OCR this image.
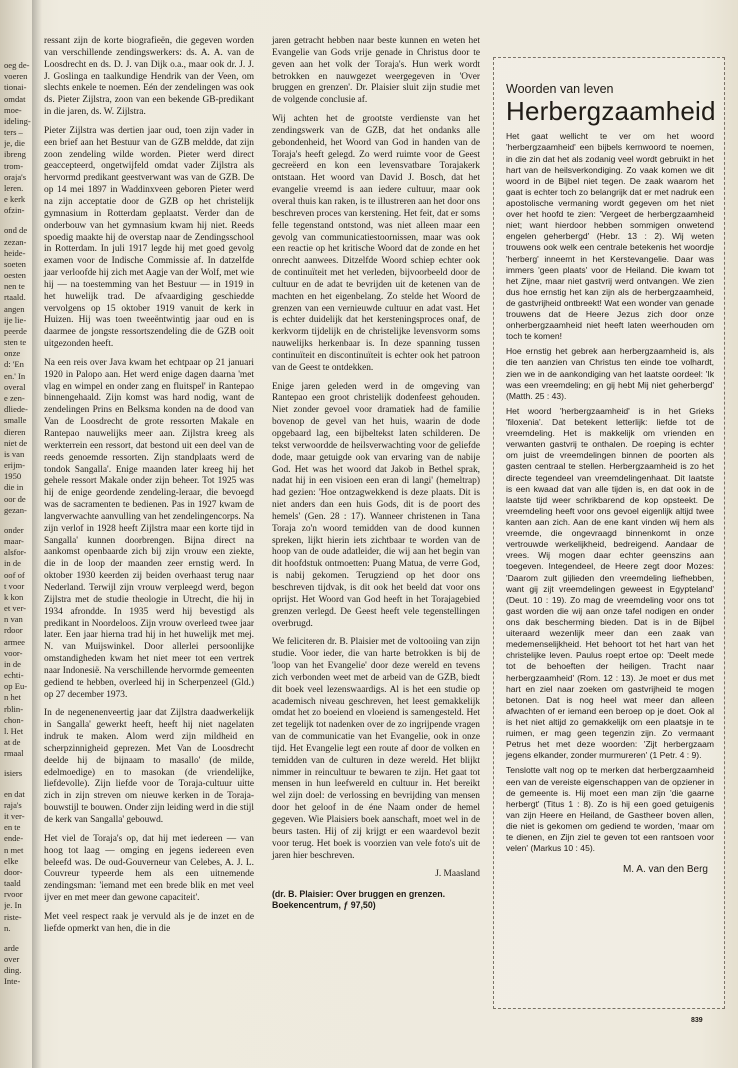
oeg de-
voeren
tionai-
omdat
moe-
ideling-
ters –
je, die
ibreng
trom-
oraja's
leren.
e kerk
ofzin-
ond de
zezan-
heide-
soeten
oesten
nen te
rtaald.
angen
ije lie-
peerde
sten te
onze
d: 'En
en.' In
overal
e zen-
dliede-
smalle
dieren
niet de
is van
erijm-
1950
die in
oor de
gezan-
onder
maar-
alsfor-
in de
oof of
t voor
k kon
et ver-
n van
rdoor
armee
voor-
in de
echti-
op Eu-
n het
rblin-
chon-
l. Het
at de
rmaal
isiers
en dat
raja's
it ver-
en te
ende-
n met
elke
door-
taald
rvoor
je. In
riste-
n.
arde
over
ding.
Inte-

ressant zijn de korte biografieën, die gegeven worden van verschillende zendingswerkers: ds. A. A. van de Loosdrecht en ds. D. J. van Dijk o.a., maar ook dr. J. J. J. Goslinga en taalkundige Hendrik van der Veen, om slechts enkele te noemen. Eén der zendelingen was ook ds. Pieter Zijlstra, zoon van een bekende GB-predikant in die jaren, ds. W. Zijlstra.

Pieter Zijlstra was dertien jaar oud, toen zijn vader in een brief aan het Bestuur van de GZB meldde, dat zijn zoon zendeling wilde worden. Pieter werd direct geaccepteerd, ongetwijfeld omdat vader Zijlstra als hervormd predikant geestverwant was van de GZB. De op 14 mei 1897 in Waddinxveen geboren Pieter werd na zijn acceptatie door de GZB op het christelijk gymnasium in Rotterdam geplaatst. Verder dan de onderbouw van het gymnasium kwam hij niet. Reeds spoedig maakte hij de overstap naar de Zendingsschool in Rotterdam. In juli 1917 legde hij met goed gevolg examen voor de Indische Commissie af. In datzelfde jaar verloofde hij zich met Aagje van der Wolf, met wie hij — na toestemming van het Bestuur — in 1919 in het huwelijk trad. De afvaardiging geschiedde vervolgens op 15 oktober 1919 vanuit de kerk in Huizen. Hij was toen tweeëntwintig jaar oud en is daarmee de jongste ressortszendeling die de GZB ooit uitgezonden heeft.

Na een reis over Java kwam het echtpaar op 21 januari 1920 in Palopo aan. Het werd enige dagen daarna 'met vlag en wimpel en onder zang en fluitspel' in Rantepao binnengehaald. Zijn komst was hard nodig, want de zendelingen Prins en Belksma konden na de dood van Van de Loosdrecht de grote ressorten Makale en Rantepao nauwelijks meer aan. Zijlstra kreeg als werkterrein een ressort, dat bestond uit een deel van de reeds genoemde ressorten. Zijn standplaats werd de tondok Sangalla'. Enige maanden later kreeg hij het gehele ressort Makale onder zijn beheer. Tot 1925 was hij de enige geordende zendeling-leraar, die bevoegd was de sacramenten te bedienen. Pas in 1927 kwam de langverwachte aanvulling van het zendelingencorps. Na zijn verlof in 1928 heeft Zijlstra maar een korte tijd in Sangalla' kunnen doorbrengen. Bijna direct na aankomst openbaarde zich bij zijn vrouw een ziekte, die in de loop der maanden zeer ernstig werd. In oktober 1930 keerden zij beiden overhaast terug naar Nederland. Terwijl zijn vrouw verpleegd werd, begon Zijlstra met de studie theologie in Utrecht, die hij in 1934 afrondde. In 1935 werd hij bevestigd als predikant in Noordeloos. Zijn vrouw overleed twee jaar later. Een jaar hierna trad hij in het huwelijk met mej. N. van Muijswinkel. Door allerlei persoonlijke omstandigheden kwam het niet meer tot een vertrek naar Indonesië. Na verschillende hervormde gemeenten gediend te hebben, overleed hij in Scherpenzeel (Gld.) op 27 december 1973.

In de negenenenveertig jaar dat Zijlstra daadwerkelijk in Sangalla' gewerkt heeft, heeft hij niet nagelaten indruk te maken. Alom werd zijn mildheid en scherpzinnigheid geprezen. Met Van de Loosdrecht deelde hij de bijnaam to masallo' (de milde, edelmoedige) en to masokan (de vriendelijke, liefdevolle). Zijn liefde voor de Toraja-cultuur uitte zich in zijn streven om nieuwe kerken in de Toraja-bouwstijl te bouwen. Onder zijn leiding werd in die stijl de kerk van Sangalla' gebouwd.

Het viel de Toraja's op, dat hij met iedereen — van hoog tot laag — omging en jegens iedereen even beleefd was. De oud-Gouverneur van Celebes, A. J. L. Couvreur typeerde hem als een uitnemende zendingsman: 'iemand met een brede blik en met veel ijver en met meer dan gewone capaciteit'.

Met veel respect raak je vervuld als je de inzet en de liefde opmerkt van hen, die in die

jaren getracht hebben naar beste kunnen en weten het Evangelie van Gods vrije genade in Christus door te geven aan het volk der Toraja's. Hun werk wordt betrokken en nauwgezet weergegeven in 'Over bruggen en grenzen'. Dr. Plaisier sluit zijn studie met de volgende conclusie af.

Wij achten het de grootste verdienste van het zendingswerk van de GZB, dat het ondanks alle gebondenheid, het Woord van God in handen van de Toraja's heeft gelegd. Zo werd ruimte voor de Geest gecreëerd en kon een levensvatbare Torajakerk ontstaan. Het woord van David J. Bosch, dat het evangelie vreemd is aan iedere cultuur, maar ook overal thuis kan raken, is te illustreren aan het door ons beschreven proces van kerstening. Het feit, dat er soms felle tegenstand ontstond, was niet alleen maar een gevolg van communicatiestoornissen, maar was ook een reactie op het kritische Woord dat de zonde en het onrecht aanwees. Ditzelfde Woord schiep echter ook de continuïteit met het verleden, bijvoorbeeld door de cultuur en de adat te bevrijden uit de ketenen van de machten en het eigenbelang. Zo stelde het Woord de grenzen van een vernieuwde cultuur en adat vast. Het is echter duidelijk dat het kersteningsproces onaf, de kerkvorm tijdelijk en de christelijke levensvorm soms nauwelijks herkenbaar is. In deze spanning tussen continuïteit en discontinuïteit is echter ook het patroon van de Geest te ontdekken.

Enige jaren geleden werd in de omgeving van Rantepao een groot christelijk dodenfeest gehouden. Niet zonder gevoel voor dramatiek had de familie bovenop de gevel van het huis, waarin de dode opgebaard lag, een bijbeltekst laten schilderen. De tekst verwoordde de heilsverwachting voor de geliefde dode, maar getuigde ook van ervaring van de nabije God. Het was het woord dat Jakob in Bethel sprak, nadat hij in een visioen een eran di langi' (hemeltrap) had gezien: 'Hoe ontzagwekkend is deze plaats. Dit is niet anders dan een huis Gods, dit is de poort des hemels' (Gen. 28 : 17). Wanneer christenen in Tana Toraja zo'n woord temidden van de dood kunnen spreken, lijkt hierin iets zichtbaar te worden van de hoop van de oude adatleider, die wij aan het begin van dit hoofdstuk ontmoetten: Puang Matua, de verre God, is nabij gekomen. Terugziend op het door ons beschreven tijdvak, is dit ook het beeld dat voor ons oprijst. Het Woord van God heeft in het Torajagebied grenzen verlegd. De Geest heeft vele tegenstellingen overbrugd.

We feliciteren dr. B. Plaisier met de voltooiing van zijn studie. Voor ieder, die van harte betrokken is bij de 'loop van het Evangelie' door deze wereld en tevens zich verbonden weet met de arbeid van de GZB, biedt dit boek veel lezenswaardigs. Al is het een studie op academisch niveau geschreven, het leest gemakkelijk omdat het zo boeiend en vloeiend is samengesteld. Het zet tegelijk tot nadenken over de zo ingrijpende vragen van de communicatie van het Evangelie, ook in onze tijd. Het Evangelie legt een route af door de volken en temidden van de culturen in deze wereld. Het blijkt nimmer in reincultuur te bewaren te zijn. Het gaat tot mensen in hun leefwereld en cultuur in. Het bereikt wel zijn doel: de verlossing en bevrijding van mensen door het geloof in de éne Naam onder de hemel gegeven. Wie Plaisiers boek aanschaft, moet wel in de beurs tasten. Hij of zij krijgt er een waardevol bezit voor terug. Het boek is voorzien van vele foto's uit de jaren hier beschreven.

J. Maasland
(dr. B. Plaisier: Over bruggen en grenzen. Boekencentrum, ƒ 97,50)
Woorden van leven
Herbergzaamheid

Het gaat wellicht te ver om het woord 'herbergzaamheid' een bijbels kernwoord te noemen, in die zin dat het als zodanig veel wordt gebruikt in het hart van de heilsverkondiging. Zo vaak komen we dit woord in de Bijbel niet tegen. De zaak waarom het gaat is echter toch zo belangrijk dat er met nadruk een apostolische vermaning wordt gegeven om het niet over het hoofd te zien: 'Vergeet de herbergzaamheid niet; want hierdoor hebben sommigen onwetend engelen geherbergd' (Hebr. 13 : 2). Wij weten trouwens ook welk een centrale betekenis het woordje 'herberg' inneemt in het Kerstevangelie. Daar was immers 'geen plaats' voor de Heiland. Die kwam tot het Zijne, maar niet gastvrij werd ontvangen. We zien dus hoe ernstig het kan zijn als de herbergzaamheid, de gastvrijheid ontbreekt! Wat een wonder van genade trouwens dat de Heere Jezus zich door onze onherbergzaamheid niet heeft laten weerhouden om toch te komen!

Hoe ernstig het gebrek aan herbergzaamheid is, als die ten aanzien van Christus ten einde toe volhardt, zien we in de aankondiging van het laatste oordeel: 'Ik was een vreemdeling; en gij hebt Mij niet geherbergd' (Matth. 25 : 43).

Het woord 'herbergzaamheid' is in het Grieks 'filoxenia'. Dat betekent letterlijk: liefde tot de vreemdeling. Het is makkelijk om vrienden en verwanten gastvrij te onthalen. De roeping is echter om juist de vreemdelingen binnen de poorten als gasten centraal te stellen. Herbergzaamheid is zo het directe tegendeel van vreemdelingenhaat. Dit laatste is een kwaad dat van alle tijden is, en dat ook in de laatste tijd weer schrikbarend de kop opsteekt. De vreemdeling heeft voor ons gevoel eigenlijk altijd twee kanten aan zich. Aan de ene kant vinden wij hem als vreemde, die ongevraagd binnenkomt in onze vertrouwde werkelijkheid, bedreigend. Aandaar de vrees. Wij mogen daar echter geenszins aan toegeven. Integendeel, de Heere zegt door Mozes: 'Daarom zult gijlieden den vreemdeling liefhebben, want gij zijt vreemdelingen geweest in Egypteland' (Deut. 10 : 19). Zo mag de vreemdeling voor ons tot gast worden die wij aan onze tafel nodigen en onder ons dak bescherming bieden. Dat is in de Bijbel uiteraard wezenlijk meer dan een zaak van medemenselijkheid. Het behoort tot het hart van het christelijke leven. Paulus roept ertoe op: 'Deelt mede tot de behoeften der heiligen. Tracht naar herbergzaamheid' (Rom. 12 : 13). Je moet er dus met hart en ziel naar zoeken om gastvrijheid te mogen betonen. Dat is nog heel wat meer dan alleen afwachten of er iemand een beroep op je doet. Ook al is het niet altijd zo gemakkelijk om een plaatsje in te ruimen, er mag geen tegenzin zijn. Zo vermaant Petrus het met deze woorden: 'Zijt herbergzaam jegens elkander, zonder murmureren' (1 Petr. 4 : 9).

Tenslotte valt nog op te merken dat herbergzaamheid een van de vereiste eigenschappen van de opziener in de gemeente is. Hij moet een man zijn 'die gaarne herbergt' (Titus 1 : 8). Zo is hij een goed getuigenis van zijn Heere en Heiland, de Gastheer boven allen, die niet is gekomen om gediend te worden, 'maar om te dienen, en Zijn ziel te geven tot een rantsoen voor velen' (Markus 10 : 45).

M. A. van den Berg
839
